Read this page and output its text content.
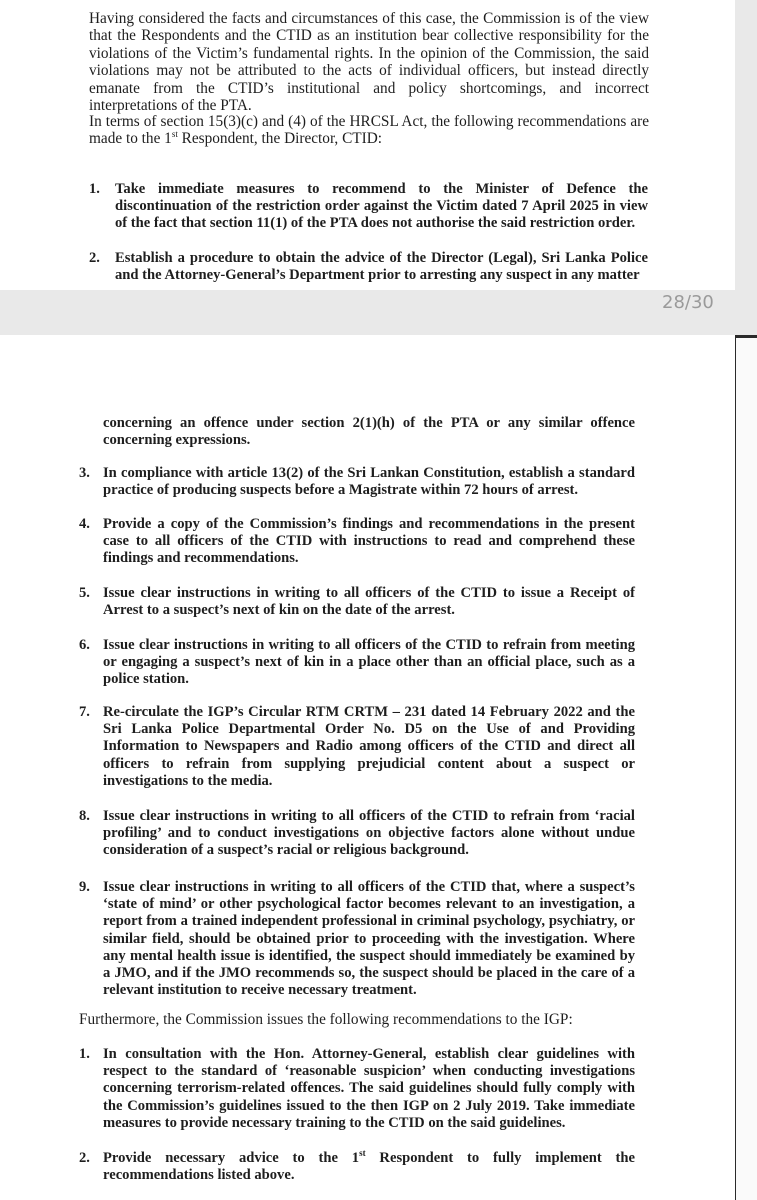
Having considered the facts and circumstances of this case, the Commission is of the view that the Respondents and the CTID as an institution bear collective responsibility for the violations of the Victim’s fundamental rights. In the opinion of the Commission, the said violations may not be attributed to the acts of individual officers, but instead directly emanate from the CTID’s institutional and policy shortcomings, and incorrect interpretations of the PTA.

In terms of section 15(3)(c) and (4) of the HRCSL Act, the following recommendations are made to the 1st Respondent, the Director, CTID:

1. Take immediate measures to recommend to the Minister of Defence the discontinuation of the restriction order against the Victim dated 7 April 2025 in view of the fact that section 11(1) of the PTA does not authorise the said restriction order.
2. Establish a procedure to obtain the advice of the Director (Legal), Sri Lanka Police and the Attorney-General’s Department prior to arresting any suspect in any matter
28/30
concerning an offence under section 2(1)(h) of the PTA or any similar offence concerning expressions.
3. In compliance with article 13(2) of the Sri Lankan Constitution, establish a standard practice of producing suspects before a Magistrate within 72 hours of arrest.
4. Provide a copy of the Commission’s findings and recommendations in the present case to all officers of the CTID with instructions to read and comprehend these findings and recommendations.
5. Issue clear instructions in writing to all officers of the CTID to issue a Receipt of Arrest to a suspect’s next of kin on the date of the arrest.
6. Issue clear instructions in writing to all officers of the CTID to refrain from meeting or engaging a suspect’s next of kin in a place other than an official place, such as a police station.
7. Re-circulate the IGP’s Circular RTM CRTM – 231 dated 14 February 2022 and the Sri Lanka Police Departmental Order No. D5 on the Use of and Providing Information to Newspapers and Radio among officers of the CTID and direct all officers to refrain from supplying prejudicial content about a suspect or investigations to the media.
8. Issue clear instructions in writing to all officers of the CTID to refrain from ‘racial profiling’ and to conduct investigations on objective factors alone without undue consideration of a suspect’s racial or religious background.
9. Issue clear instructions in writing to all officers of the CTID that, where a suspect’s ‘state of mind’ or other psychological factor becomes relevant to an investigation, a report from a trained independent professional in criminal psychology, psychiatry, or similar field, should be obtained prior to proceeding with the investigation. Where any mental health issue is identified, the suspect should immediately be examined by a JMO, and if the JMO recommends so, the suspect should be placed in the care of a relevant institution to receive necessary treatment.

Furthermore, the Commission issues the following recommendations to the IGP:

1. In consultation with the Hon. Attorney-General, establish clear guidelines with respect to the standard of ‘reasonable suspicion’ when conducting investigations concerning terrorism-related offences. The said guidelines should fully comply with the Commission’s guidelines issued to the then IGP on 2 July 2019. Take immediate measures to provide necessary training to the CTID on the said guidelines.
2. Provide necessary advice to the 1st Respondent to fully implement the recommendations listed above.
